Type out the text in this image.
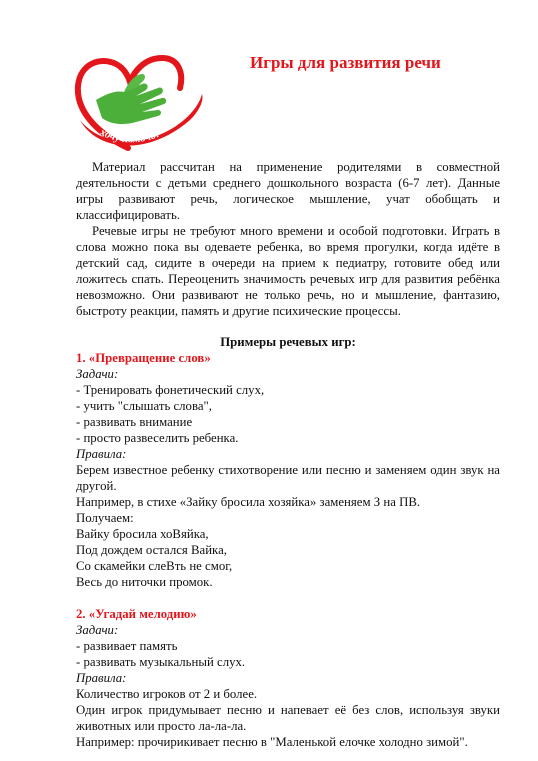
хочу помочь!
Игры для развития речи

Материал рассчитан на применение родителями в совместной деятельности с детьми среднего дошкольного возраста (6-7 лет). Данные игры развивают речь, логическое мышление, учат обобщать и классифицировать.

Речевые игры не требуют много времени и особой подготовки. Играть в слова можно пока вы одеваете ребенка, во время прогулки, когда идёте в детский сад, сидите в очереди на прием к педиатру, готовите обед или ложитесь спать. Переоценить значимость речевых игр для развития ребёнка невозможно. Они развивают не только речь, но и мышление, фантазию, быстроту реакции, память и другие психические процессы.

Примеры речевых игр:

1. «Превращение слов»

Задачи:

- Тренировать фонетический слух,

- учить "слышать слова",

- развивать внимание

- просто развеселить ребенка.

Правила:

Берем известное ребенку стихотворение или песню и заменяем один звук на другой.

Например, в стихе «Зайку бросила хозяйка» заменяем З на ПВ.

Получаем:

Вайку бросила хоВяйка,

Под дождем остался Вайка,

Со скамейки слеВть не смог,

Весь до ниточки промок.

2. «Угадай мелодию»

Задачи:

- развивает память

- развивать музыкальный слух.

Правила:

Количество игроков от 2 и более.

Один игрок придумывает песню и напевает её без слов, используя звуки животных или просто ла-ла-ла.

Например: прочирикивает песню в "Маленькой елочке холодно зимой".
